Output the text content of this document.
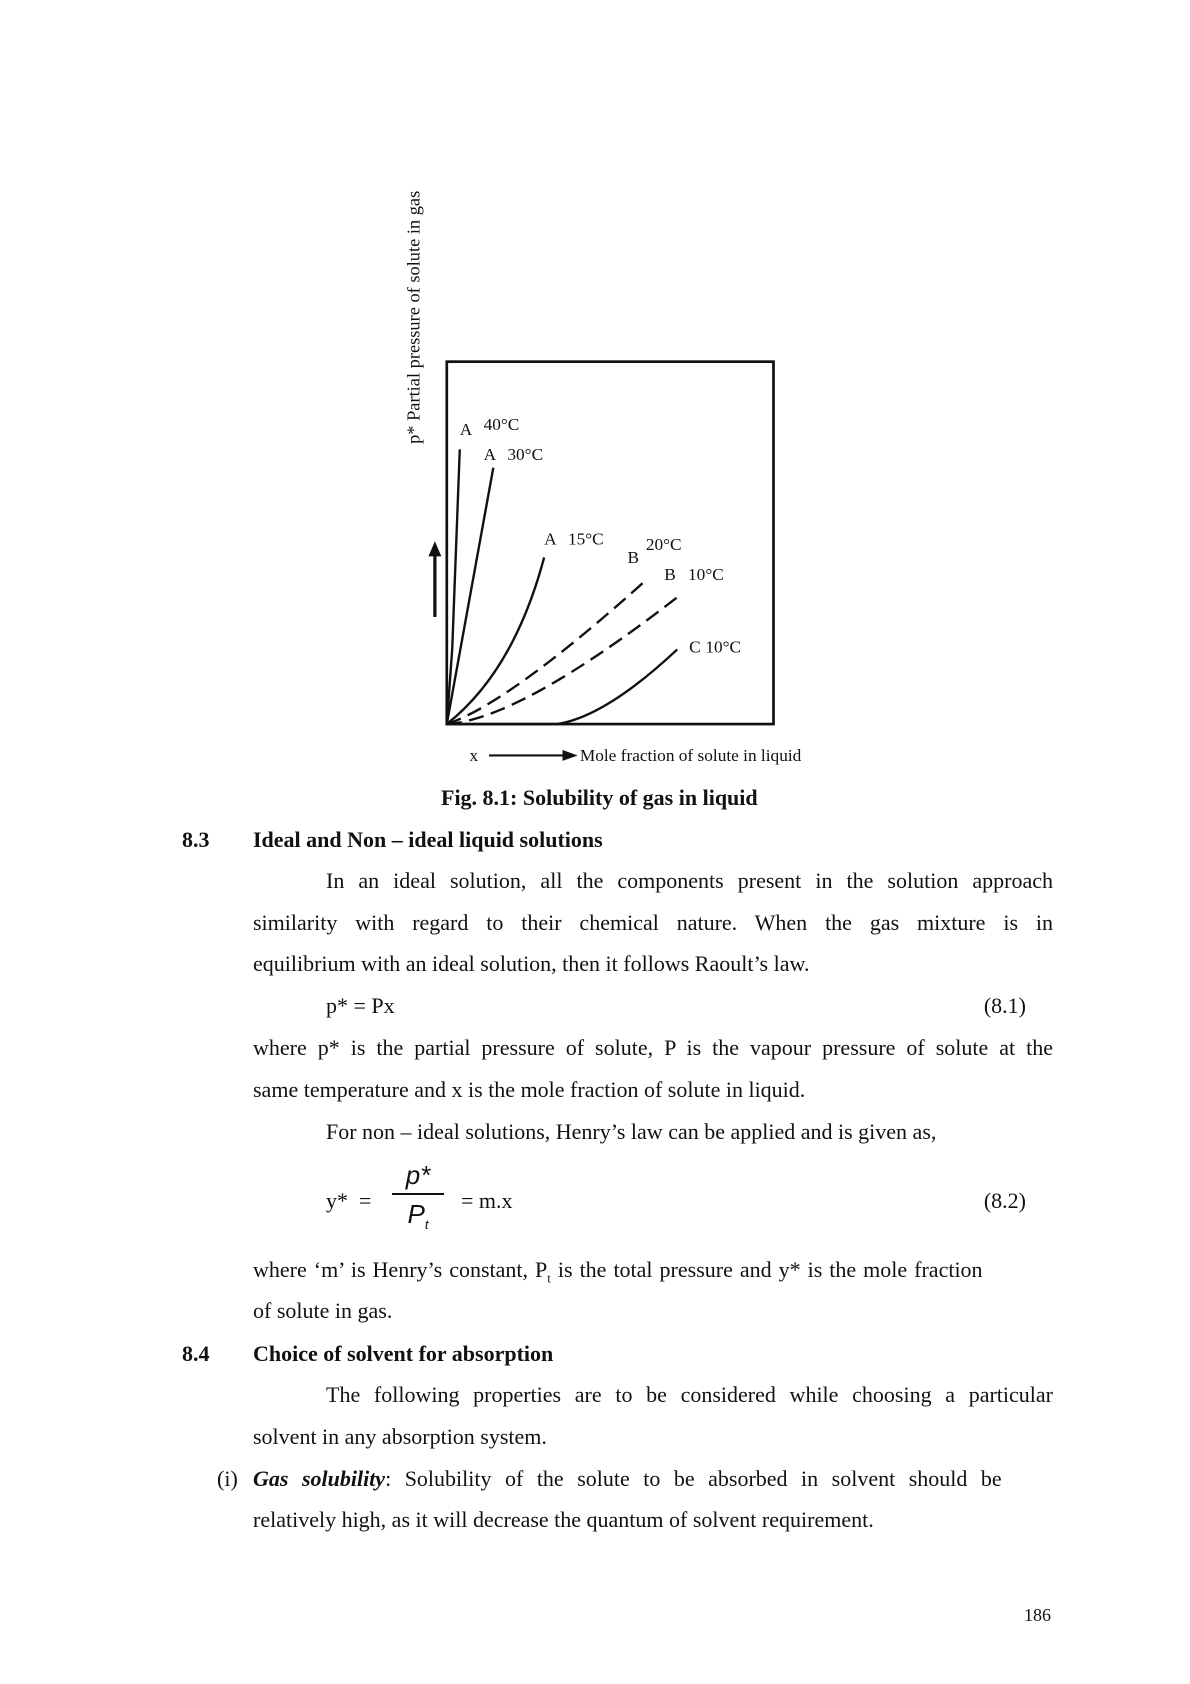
p* Partial pressure of solute in gas A 40°C
A 30°C
A 15°C
B
20°C
B 10°C
C 10°C
x	Mole fraction of solute in liquid
Fig. 8.1: Solubility of gas in liquid
8.3 Ideal and Non – ideal liquid solutions
In an ideal solution, all the components present in the solution approach
similarity with regard to their chemical nature. When the gas mixture is in
equilibrium with an ideal solution, then it follows Raoult’s law.
p* = Px	(8.1)
where p* is the partial pressure of solute, P is the vapour pressure of solute at the
same temperature and x is the mole fraction of solute in liquid.
For non – ideal solutions, Henry’s law can be applied and is given as,
$y* = \frac{p*}{P_t} = m.x$	(8.2)
where ‘m’ is Henry’s constant, $P_t$ is the total pressure and y* is the mole fraction
of solute in gas.
8.4 Choice of solvent for absorption
The following properties are to be considered while choosing a particular
solvent in any absorption system.
(i) Gas solubility: Solubility of the solute to be absorbed in solvent should be
relatively high, as it will decrease the quantum of solvent requirement.
186
